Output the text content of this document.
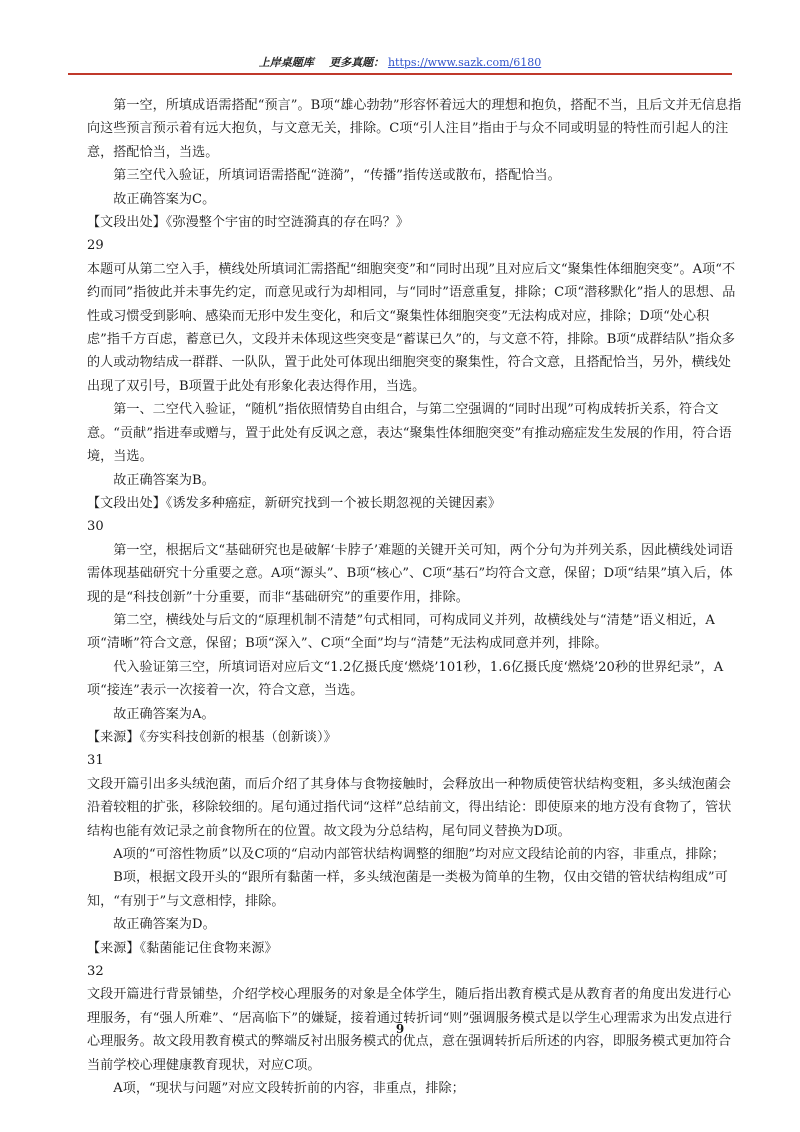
上岸桌题库 更多真题： https://www.sazk.com/6180

第一空，所填成语需搭配“预言”。B项“雄心勃勃”形容怀着远大的理想和抱负，搭配不当，且后文并无信息指向这些预言预示着有远大抱负，与文意无关，排除。C项“引人注目”指由于与众不同或明显的特性而引起人的注意，搭配恰当，当选。

第三空代入验证，所填词语需搭配“涟漪”，“传播”指传送或散布，搭配恰当。

故正确答案为C。

【文段出处】《弥漫整个宇宙的时空涟漪真的存在吗？》

29

本题可从第二空入手，横线处所填词汇需搭配“细胞突变”和“同时出现”且对应后文“聚集性体细胞突变”。A项“不约而同”指彼此并未事先约定，而意见或行为却相同，与“同时”语意重复，排除；C项“潜移默化”指人的思想、品性或习惯受到影响、感染而无形中发生变化，和后文“聚集性体细胞突变”无法构成对应，排除；D项“处心积虑”指千方百虑，蓄意已久，文段并未体现这些突变是“蓄谋已久”的，与文意不符，排除。B项“成群结队”指众多的人或动物结成一群群、一队队，置于此处可体现出细胞突变的聚集性，符合文意，且搭配恰当，另外，横线处出现了双引号，B项置于此处有形象化表达得作用，当选。

第一、二空代入验证，“随机”指依照情势自由组合，与第二空强调的“同时出现”可构成转折关系，符合文意。“贡献”指进奉或赠与，置于此处有反讽之意，表达“聚集性体细胞突变”有推动癌症发生发展的作用，符合语境，当选。

故正确答案为B。

【文段出处】《诱发多种癌症，新研究找到一个被长期忽视的关键因素》

30

第一空，根据后文“基础研究也是破解‘卡脖子’难题的关键开关可知，两个分句为并列关系，因此横线处词语需体现基础研究十分重要之意。A项“源头”、B项“核心”、C项“基石”均符合文意，保留；D项“结果”填入后，体现的是“科技创新”十分重要，而非“基础研究”的重要作用，排除。

第二空，横线处与后文的“原理机制不清楚”句式相同，可构成同义并列，故横线处与“清楚”语义相近，A项“清晰”符合文意，保留；B项“深入”、C项“全面”均与“清楚”无法构成同意并列，排除。

代入验证第三空，所填词语对应后文“1.2亿摄氏度‘燃烧’101秒，1.6亿摄氏度‘燃烧’20秒的世界纪录”，A项“接连”表示一次接着一次，符合文意，当选。

故正确答案为A。

【来源】《夯实科技创新的根基（创新谈）》

31

文段开篇引出多头绒泡菌，而后介绍了其身体与食物接触时，会释放出一种物质使管状结构变粗，多头绒泡菌会沿着较粗的扩张，移除较细的。尾句通过指代词“这样”总结前文，得出结论：即使原来的地方没有食物了，管状结构也能有效记录之前食物所在的位置。故文段为分总结构，尾句同义替换为D项。

A项的“可溶性物质”以及C项的“启动内部管状结构调整的细胞”均对应文段结论前的内容，非重点，排除；

B项，根据文段开头的“跟所有黏菌一样，多头绒泡菌是一类极为简单的生物，仅由交错的管状结构组成”可知，“有别于”与文意相悖，排除。

故正确答案为D。

【来源】《黏菌能记住食物来源》

32

文段开篇进行背景铺垫，介绍学校心理服务的对象是全体学生，随后指出教育模式是从教育者的角度出发进行心理服务，有“强人所难”、“居高临下”的嫌疑，接着通过转折词“则”强调服务模式是以学生心理需求为出发点进行心理服务。故文段用教育模式的弊端反衬出服务模式的优点，意在强调转折后所述的内容，即服务模式更加符合当前学校心理健康教育现状，对应C项。

A项，“现状与问题”对应文段转折前的内容，非重点，排除；

9
